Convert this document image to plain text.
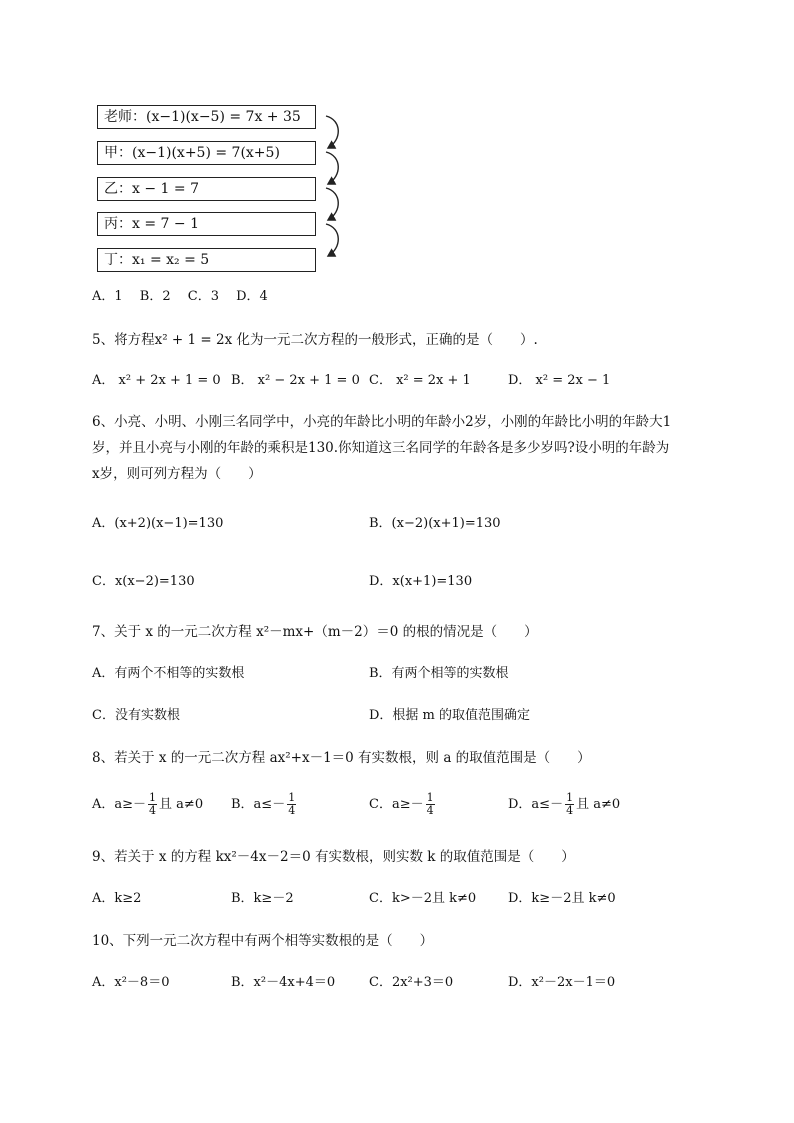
老师：(x−1)(x−5) = 7x + 35
甲：(x−1)(x+5) = 7(x+5)
乙：x − 1 = 7
丙：x = 7 − 1
丁：x₁ = x₂ = 5
A．1　 B．2　 C．3　 D．4
5、将方程x² + 1 = 2x 化为一元二次方程的一般形式，正确的是（　　）.
A． x² + 2x + 1 = 0 B． x² − 2x + 1 = 0 C． x² = 2x + 1	D． x² = 2x − 1
6、小亮、小明、小刚三名同学中，小亮的年龄比小明的年龄小2岁，小刚的年龄比小明的年龄大1
岁，并且小亮与小刚的年龄的乘积是130.你知道这三名同学的年龄各是多少岁吗?设小明的年龄为
x岁，则可列方程为（　　）
A．(x+2)(x−1)=130	B．(x−2)(x+1)=130
C．x(x−2)=130	D．x(x+1)=130
7、关于 x 的一元二次方程 x²－mx+（m－2）＝0 的根的情况是（　　）
A．有两个不相等的实数根	B．有两个相等的实数根
C．没有实数根	D．根据 m 的取值范围确定
8、若关于 x 的一元二次方程 ax²+x－1＝0 有实数根，则 a 的取值范围是（　　）
A．$a\ge- \frac{1}{4}$ 且 a≠0 B．$a\le- \frac{1}{4}$	C．$a\ge- \frac{1}{4}$	D．$a\le- \frac{1}{4}$ 且 a≠0
9、若关于 x 的方程 kx²－4x－2＝0 有实数根，则实数 k 的取值范围是（　　）
A．k≥2	B．k≥－2	C．k>－2且 k≠0 D．k≥－2且 k≠0
10、下列一元二次方程中有两个相等实数根的是（　　）
A．x²－8＝0	B．x²－4x+4＝0	C．2x²+3＝0	D．x²－2x－1＝0
